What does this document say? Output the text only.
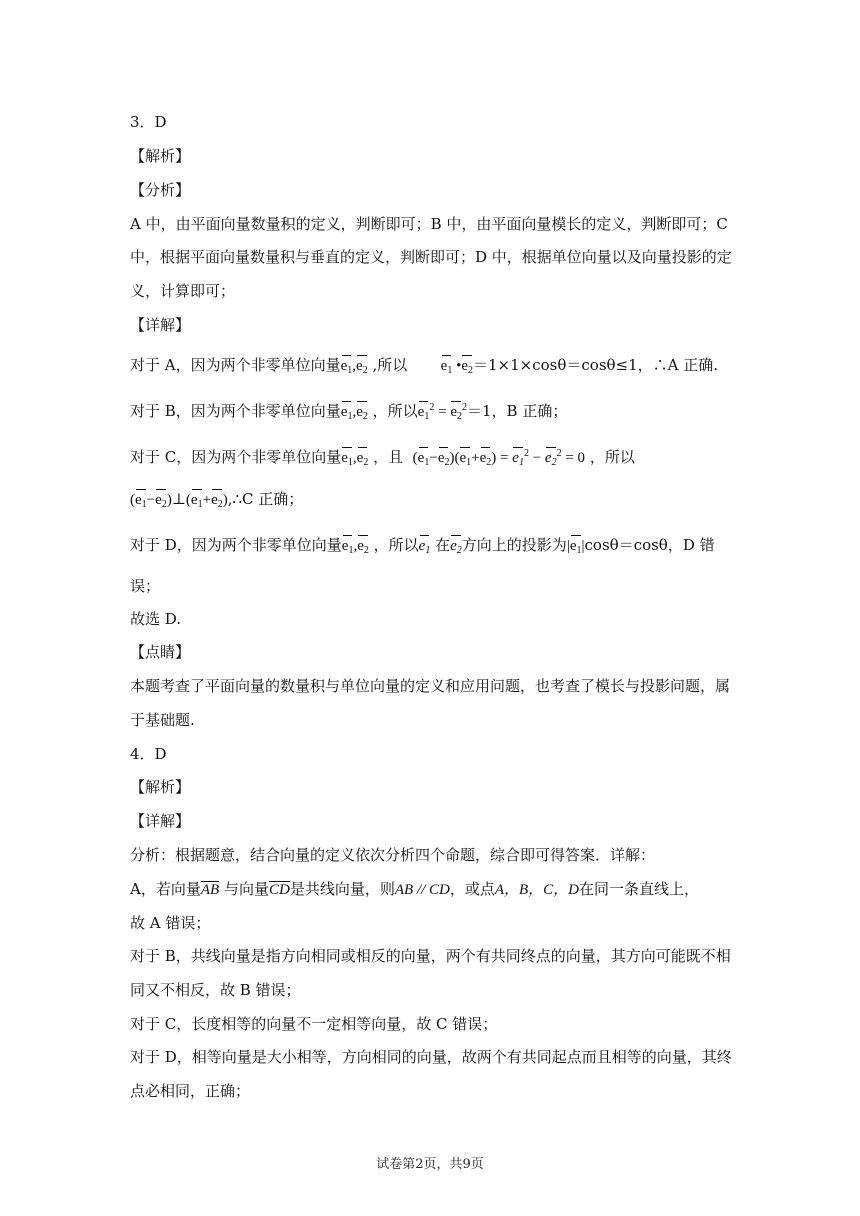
3．D
【解析】
【分析】
A 中，由平面向量数量积的定义，判断即可；B 中，由平面向量模长的定义，判断即可；C
中，根据平面向量数量积与垂直的定义，判断即可；D 中，根据单位向量以及向量投影的定
义，计算即可；
【详解】
对于 A，因为两个非零单位向量$e_1,e_2$ ,所以 $e_1$ $•e_2=1\times 1\times\cos\theta=\cos\theta\le 1$，∴A 正确.
对于 B，因为两个非零单位向量$e_1,e_2$ ，所以$e_1^2 = e_2^2=1$，B 正确；
对于 C，因为两个非零单位向量$e_1,e_2$ ，且 $(e_1-e_2)(e_1+e_2) = e_1^2 - e_2^2 = 0$ ，所以
$(e_1-e_2)\perp(e_1+e_2),\therefore C$ 正确；
对于 D，因为两个非零单位向量$e_1,e_2$ ，所以$e_1$ 在$e_2$方向上的投影为$|e_1|\cos\theta=\cos\theta$，D 错
误；
故选 D.
【点睛】
本题考查了平面向量的数量积与单位向量的定义和应用问题，也考查了模长与投影问题，属
于基础题.
4．D
【解析】
【详解】
分析：根据题意，结合向量的定义依次分析四个命题，综合即可得答案．详解：
A，若向量AB 与向量CD是共线向量，则AB // CD，或点A，B，C，D在同一条直线上，
故 A 错误；
对于 B，共线向量是指方向相同或相反的向量，两个有共同终点的向量，其方向可能既不相
同又不相反，故 B 错误；
对于 C，长度相等的向量不一定相等向量，故 C 错误；
对于 D，相等向量是大小相等，方向相同的向量，故两个有共同起点而且相等的向量，其终
点必相同，正确；
试卷第2页，共9页
